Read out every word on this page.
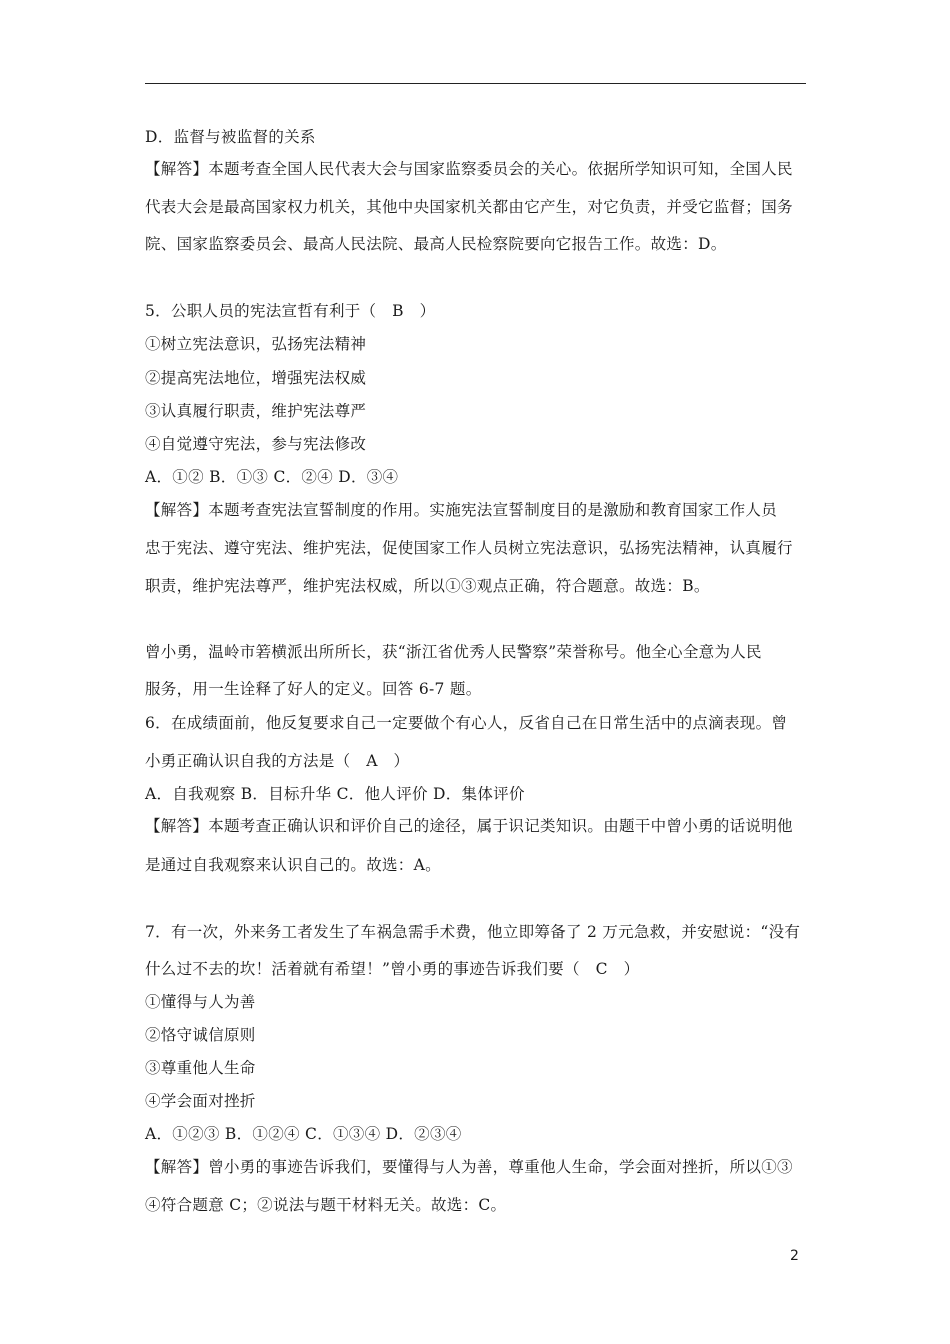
D．监督与被监督的关系
【解答】本题考查全国人民代表大会与国家监察委员会的关心。依据所学知识可知，全国人民
代表大会是最高国家权力机关，其他中央国家机关都由它产生，对它负责，并受它监督；国务
院、国家监察委员会、最高人民法院、最高人民检察院要向它报告工作。故选：D。
5．公职人员的宪法宣哲有利于（　B　）
①树立宪法意识，弘扬宪法精神
②提高宪法地位，增强宪法权威
③认真履行职责，维护宪法尊严
④自觉遵守宪法，参与宪法修改
A．①② B．①③ C．②④ D．③④
【解答】本题考查宪法宣誓制度的作用。实施宪法宣誓制度目的是激励和教育国家工作人员
忠于宪法、遵守宪法、维护宪法，促使国家工作人员树立宪法意识，弘扬宪法精神，认真履行
职责，维护宪法尊严，维护宪法权威，所以①③观点正确，符合题意。故选：B。
曾小勇，温岭市箬横派出所所长，获“浙江省优秀人民警察”荣誉称号。他全心全意为人民
服务，用一生诠释了好人的定义。回答 6-7 题。
6．在成绩面前，他反复要求自己一定要做个有心人，反省自己在日常生活中的点滴表现。曾
小勇正确认识自我的方法是（　A　）
A．自我观察 B．目标升华 C．他人评价 D．集体评价
【解答】本题考查正确认识和评价自己的途径，属于识记类知识。由题干中曾小勇的话说明他
是通过自我观察来认识自己的。故选：A。
7．有一次，外来务工者发生了车祸急需手术费，他立即筹备了 2 万元急救，并安慰说：“没有
什么过不去的坎！活着就有希望！”曾小勇的事迹告诉我们要（　C　）
①懂得与人为善
②恪守诚信原则
③尊重他人生命
④学会面对挫折
A．①②③ B．①②④ C．①③④ D．②③④
【解答】曾小勇的事迹告诉我们，要懂得与人为善，尊重他人生命，学会面对挫折，所以①③
④符合题意 C；②说法与题干材料无关。故选：C。
2
